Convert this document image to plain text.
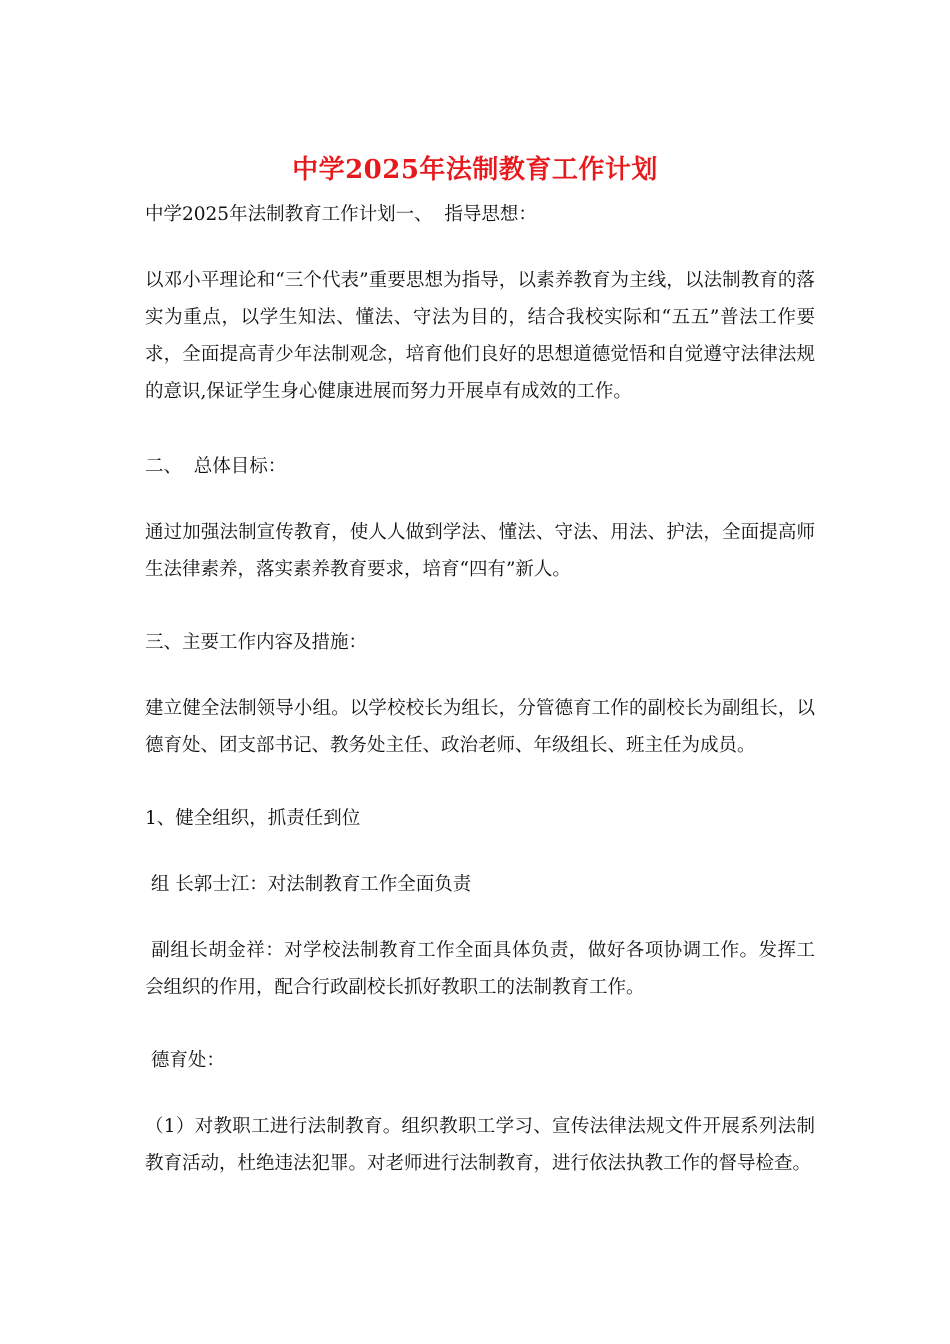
中学2025年法制教育工作计划

中学2025年法制教育工作计划一、  指导思想：

以邓小平理论和“三个代表”重要思想为指导，以素养教育为主线，以法制教育的落实为重点，以学生知法、懂法、守法为目的，结合我校实际和“五五”普法工作要求，全面提高青少年法制观念，培育他们良好的思想道德觉悟和自觉遵守法律法规的意识,保证学生身心健康进展而努力开展卓有成效的工作。

二、  总体目标：

通过加强法制宣传教育，使人人做到学法、懂法、守法、用法、护法，全面提高师生法律素养，落实素养教育要求，培育“四有”新人。

三、主要工作内容及措施：

建立健全法制领导小组。以学校校长为组长，分管德育工作的副校长为副组长，以德育处、团支部书记、教务处主任、政治老师、年级组长、班主任为成员。

1、健全组织，抓责任到位

组 长郭士江：对法制教育工作全面负责

副组长胡金祥：对学校法制教育工作全面具体负责，做好各项协调工作。发挥工会组织的作用，配合行政副校长抓好教职工的法制教育工作。

德育处：

（1）对教职工进行法制教育。组织教职工学习、宣传法律法规文件开展系列法制教育活动，杜绝违法犯罪。对老师进行法制教育，进行依法执教工作的督导检查。
